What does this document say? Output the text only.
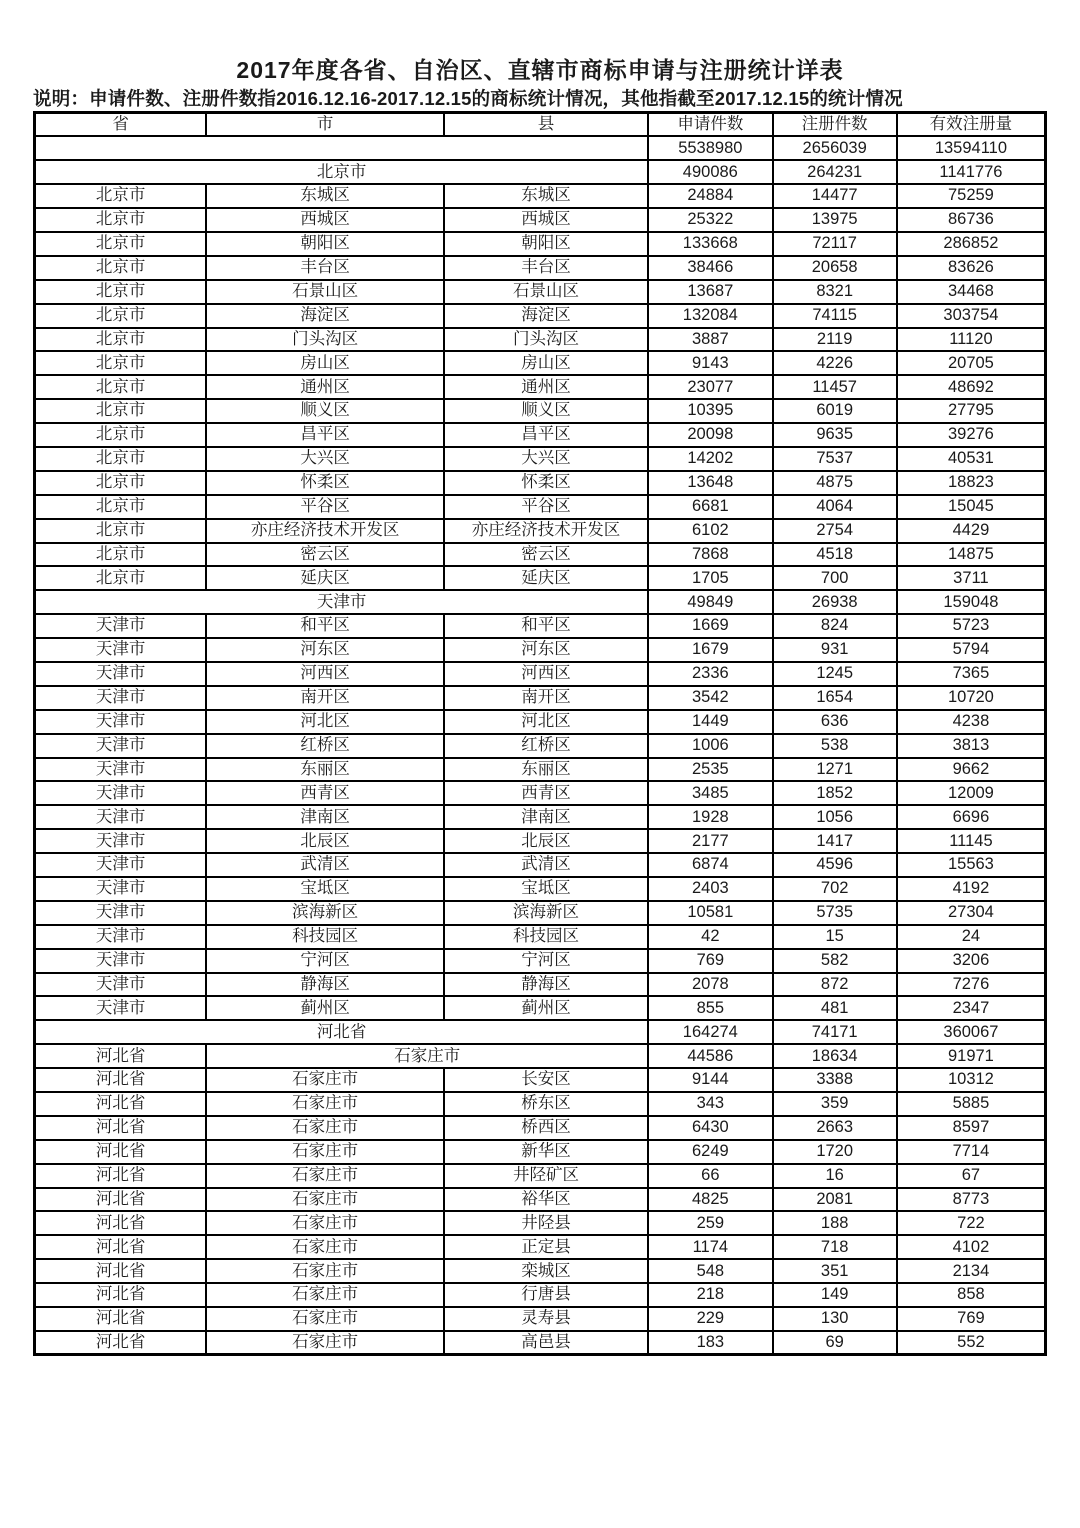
2017年度各省、自治区、直辖市商标申请与注册统计详表
说明：申请件数、注册件数指2016.12.16-2017.12.15的商标统计情况，其他指截至2017.12.15的统计情况
省	市	县	申请件数	注册件数	有效注册量
			5538980	2656039	13594110
北京市			490086	264231	1141776
北京市	东城区	东城区	24884	14477	75259
北京市	西城区	西城区	25322	13975	86736
北京市	朝阳区	朝阳区	133668	72117	286852
北京市	丰台区	丰台区	38466	20658	83626
北京市	石景山区	石景山区	13687	8321	34468
北京市	海淀区	海淀区	132084	74115	303754
北京市	门头沟区	门头沟区	3887	2119	11120
北京市	房山区	房山区	9143	4226	20705
北京市	通州区	通州区	23077	11457	48692
北京市	顺义区	顺义区	10395	6019	27795
北京市	昌平区	昌平区	20098	9635	39276
北京市	大兴区	大兴区	14202	7537	40531
北京市	怀柔区	怀柔区	13648	4875	18823
北京市	平谷区	平谷区	6681	4064	15045
北京市	亦庄经济技术开发区	亦庄经济技术开发区	6102	2754	4429
北京市	密云区	密云区	7868	4518	14875
北京市	延庆区	延庆区	1705	700	3711
天津市			49849	26938	159048
天津市	和平区	和平区	1669	824	5723
天津市	河东区	河东区	1679	931	5794
天津市	河西区	河西区	2336	1245	7365
天津市	南开区	南开区	3542	1654	10720
天津市	河北区	河北区	1449	636	4238
天津市	红桥区	红桥区	1006	538	3813
天津市	东丽区	东丽区	2535	1271	9662
天津市	西青区	西青区	3485	1852	12009
天津市	津南区	津南区	1928	1056	6696
天津市	北辰区	北辰区	2177	1417	11145
天津市	武清区	武清区	6874	4596	15563
天津市	宝坻区	宝坻区	2403	702	4192
天津市	滨海新区	滨海新区	10581	5735	27304
天津市	科技园区	科技园区	42	15	24
天津市	宁河区	宁河区	769	582	3206
天津市	静海区	静海区	2078	872	7276
天津市	蓟州区	蓟州区	855	481	2347
河北省			164274	74171	360067
河北省	石家庄市		44586	18634	91971
河北省	石家庄市	长安区	9144	3388	10312
河北省	石家庄市	桥东区	343	359	5885
河北省	石家庄市	桥西区	6430	2663	8597
河北省	石家庄市	新华区	6249	1720	7714
河北省	石家庄市	井陉矿区	66	16	67
河北省	石家庄市	裕华区	4825	2081	8773
河北省	石家庄市	井陉县	259	188	722
河北省	石家庄市	正定县	1174	718	4102
河北省	石家庄市	栾城区	548	351	2134
河北省	石家庄市	行唐县	218	149	858
河北省	石家庄市	灵寿县	229	130	769
河北省	石家庄市	高邑县	183	69	552
